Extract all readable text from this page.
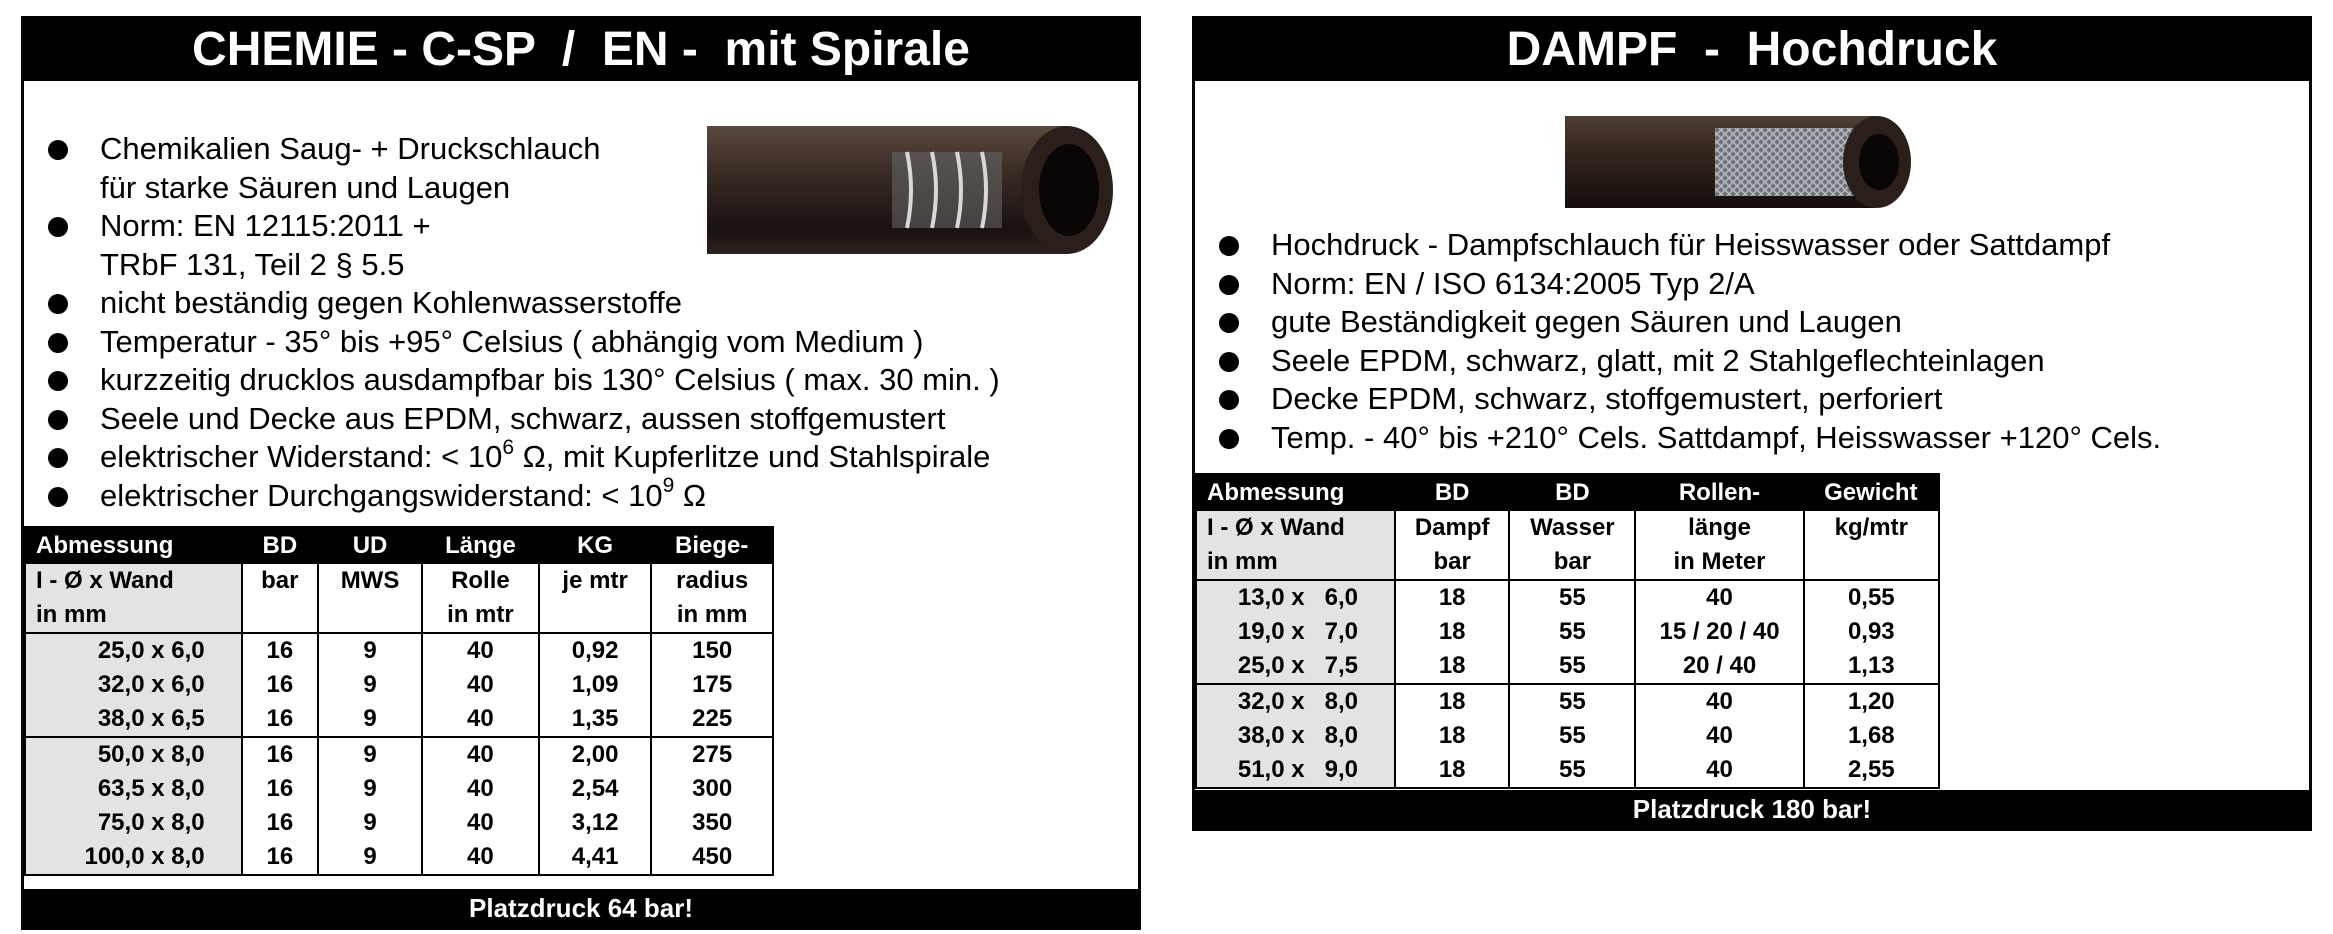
CHEMIE - C-SP  /  EN -  mit Spirale
Chemikalien Saug- + Druckschlauch
für starke Säuren und Laugen
Norm: EN 12115:2011 +
TRbF 131, Teil 2 § 5.5
nicht beständig gegen Kohlenwasserstoffe
Temperatur - 35° bis +95° Celsius ( abhängig vom Medium )
kurzzeitig drucklos ausdampfbar bis 130° Celsius ( max. 30 min. )
Seele und Decke aus EPDM, schwarz, aussen stoffgemustert
elektrischer Widerstand: < $10^6$ Ω, mit Kupferlitze und Stahlspirale
elektrischer Durchgangswiderstand: < $10^9$ Ω
Abmessung	BD	UD	Länge	KG	Biege-
I - Ø x Wand	bar	MWS	Rolle	je mtr	radius
in mm			in mtr		in mm
25,0 x 6,0	16	9	40	0,92	150
32,0 x 6,0	16	9	40	1,09	175
38,0 x 6,5	16	9	40	1,35	225
50,0 x 8,0	16	9	40	2,00	275
63,5 x 8,0	16	9	40	2,54	300
75,0 x 8,0	16	9	40	3,12	350
100,0 x 8,0	16	9	40	4,41	450
Platzdruck 64 bar!
DAMPF  -  Hochdruck
Hochdruck - Dampfschlauch für Heisswasser oder Sattdampf
Norm: EN / ISO 6134:2005 Typ 2/A
gute Beständigkeit gegen Säuren und Laugen
Seele EPDM, schwarz, glatt, mit 2 Stahlgeflechteinlagen
Decke EPDM, schwarz, stoffgemustert, perforiert
Temp. - 40° bis +210° Cels. Sattdampf, Heisswasser +120° Cels.
Abmessung	BD	BD	Rollen-	Gewicht
I - Ø x Wand	Dampf	Wasser	länge	kg/mtr
in mm	bar	bar	in Meter	
13,0 x   6,0	18	55	40	0,55
19,0 x   7,0	18	55	15 / 20 / 40	0,93
25,0 x   7,5	18	55	20 / 40	1,13
32,0 x   8,0	18	55	40	1,20
38,0 x   8,0	18	55	40	1,68
51,0 x   9,0	18	55	40	2,55
Platzdruck 180 bar!
